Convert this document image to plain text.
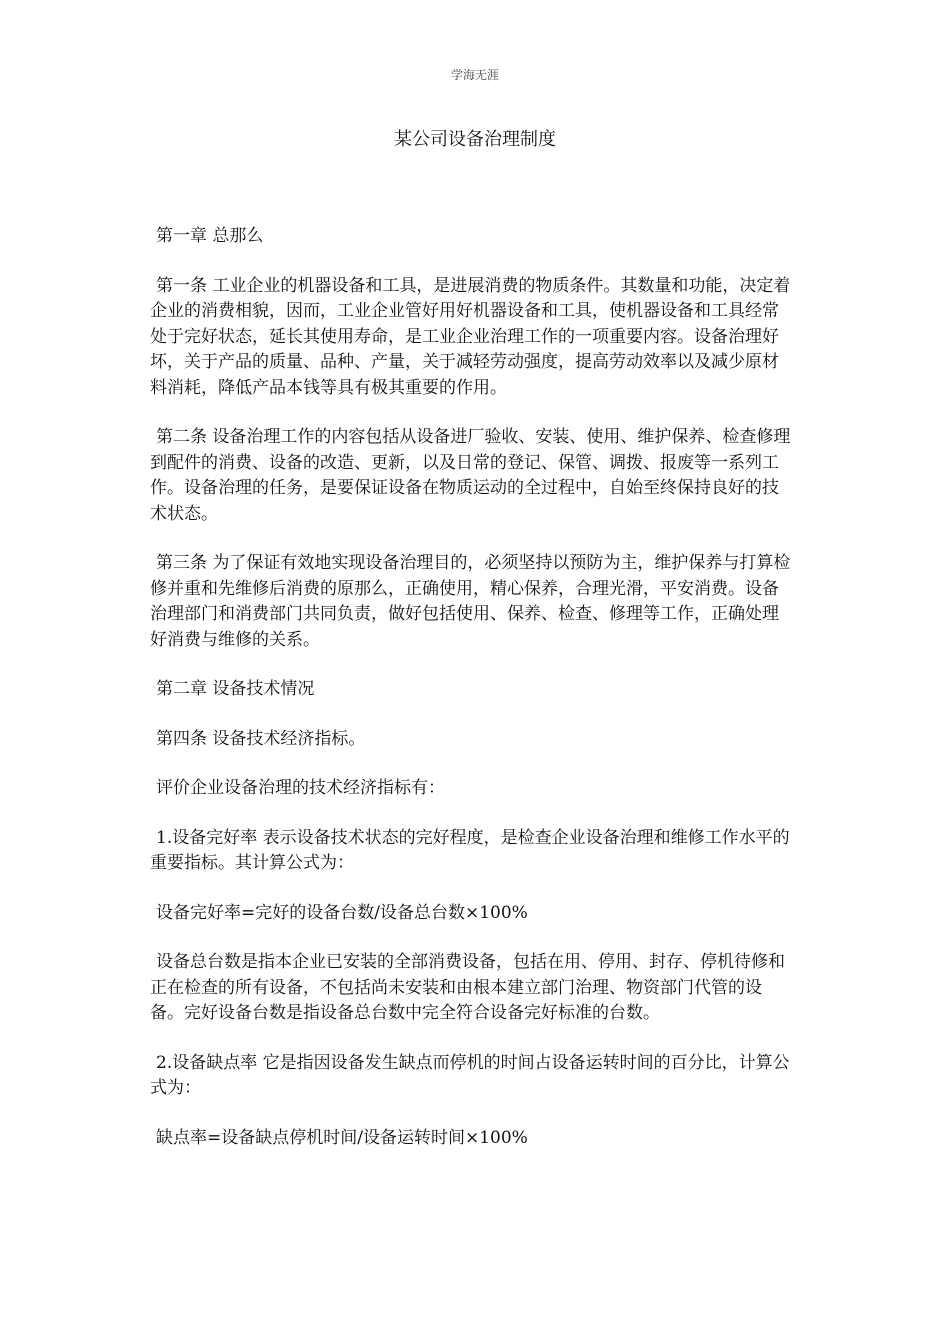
学海无涯
某公司设备治理制度

第一章 总那么

第一条 工业企业的机器设备和工具，是进展消费的物质条件。其数量和功能，决定着企业的消费相貌，因而，工业企业管好用好机器设备和工具，使机器设备和工具经常处于完好状态，延长其使用寿命，是工业企业治理工作的一项重要内容。设备治理好坏，关于产品的质量、品种、产量，关于减轻劳动强度，提高劳动效率以及减少原材料消耗，降低产品本钱等具有极其重要的作用。

第二条 设备治理工作的内容包括从设备进厂验收、安装、使用、维护保养、检查修理到配件的消费、设备的改造、更新，以及日常的登记、保管、调拨、报废等一系列工作。设备治理的任务，是要保证设备在物质运动的全过程中，自始至终保持良好的技术状态。

第三条 为了保证有效地实现设备治理目的，必须坚持以预防为主，维护保养与打算检修并重和先维修后消费的原那么，正确使用，精心保养，合理光滑，平安消费。设备治理部门和消费部门共同负责，做好包括使用、保养、检查、修理等工作，正确处理好消费与维修的关系。

第二章 设备技术情况

第四条 设备技术经济指标。

评价企业设备治理的技术经济指标有：

1.设备完好率 表示设备技术状态的完好程度，是检查企业设备治理和维修工作水平的重要指标。其计算公式为：

设备完好率=完好的设备台数/设备总台数×100%

设备总台数是指本企业已安装的全部消费设备，包括在用、停用、封存、停机待修和正在检查的所有设备，不包括尚未安装和由根本建立部门治理、物资部门代管的设备。完好设备台数是指设备总台数中完全符合设备完好标准的台数。

2.设备缺点率 它是指因设备发生缺点而停机的时间占设备运转时间的百分比，计算公式为：

缺点率=设备缺点停机时间/设备运转时间×100%
